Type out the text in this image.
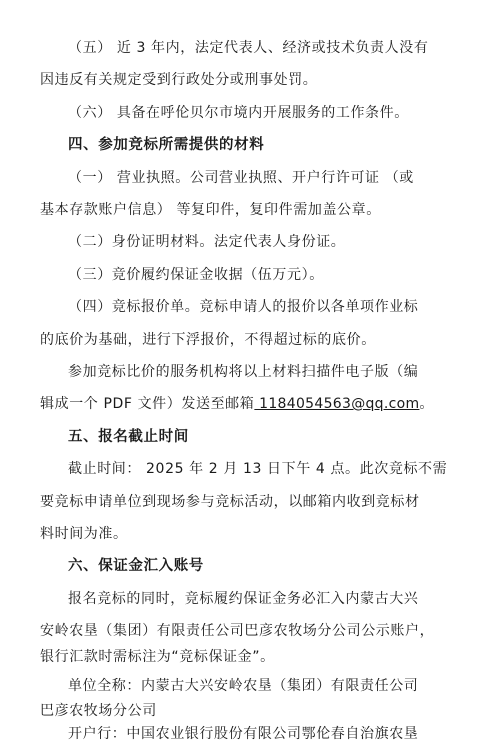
（五） 近 3 年内，法定代表人、经济或技术负责人没有
因违反有关规定受到行政处分或刑事处罚。
（六） 具备在呼伦贝尔市境内开展服务的工作条件。
四、参加竞标所需提供的材料
（一） 营业执照。公司营业执照、开户行许可证 （或
基本存款账户信息） 等复印件，复印件需加盖公章。
（二）身份证明材料。法定代表人身份证。
（三）竞价履约保证金收据（伍万元）。
（四）竞标报价单。竞标申请人的报价以各单项作业标
的底价为基础，进行下浮报价，不得超过标的底价。
参加竞标比价的服务机构将以上材料扫描件电子版（编
辑成一个 PDF 文件）发送至邮箱 1184054563@qq.com。
五、报名截止时间
截止时间： 2025 年 2 月 13 日下午 4 点。此次竞标不需
要竞标申请单位到现场参与竞标活动，以邮箱内收到竞标材
料时间为准。
六、保证金汇入账号
报名竞标的同时，竞标履约保证金务必汇入内蒙古大兴
安岭农垦（集团）有限责任公司巴彦农牧场分公司公示账户，
银行汇款时需标注为“竞标保证金”。
单位全称：内蒙古大兴安岭农垦（集团）有限责任公司
巴彦农牧场分公司
开户行：中国农业银行股份有限公司鄂伦春自治旗农垦
